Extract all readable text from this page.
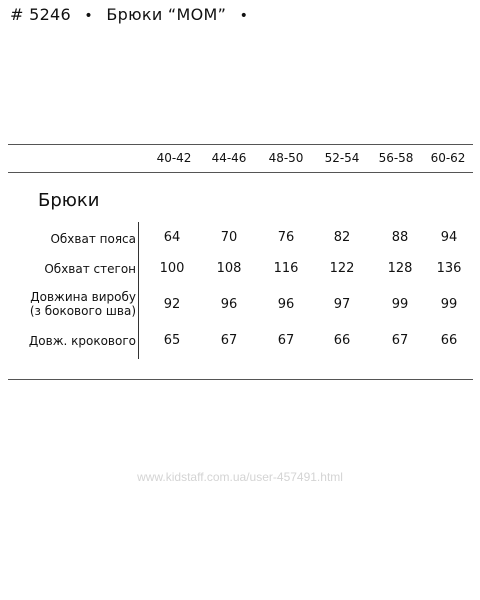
# 5246 • Брюки “MOM” •
40-42	44-46	48-50	52-54	56-58	60-62
Брюки
Обхват пояса	64	70	76	82	88	94
Обхват стегон	100	108	116	122	128	136
Довжина виробу
(з бокового шва)	92	96	96	97	99	99
Довж. крокового	65	67	67	66	67	66
www.kidstaff.com.ua/user-457491.html
